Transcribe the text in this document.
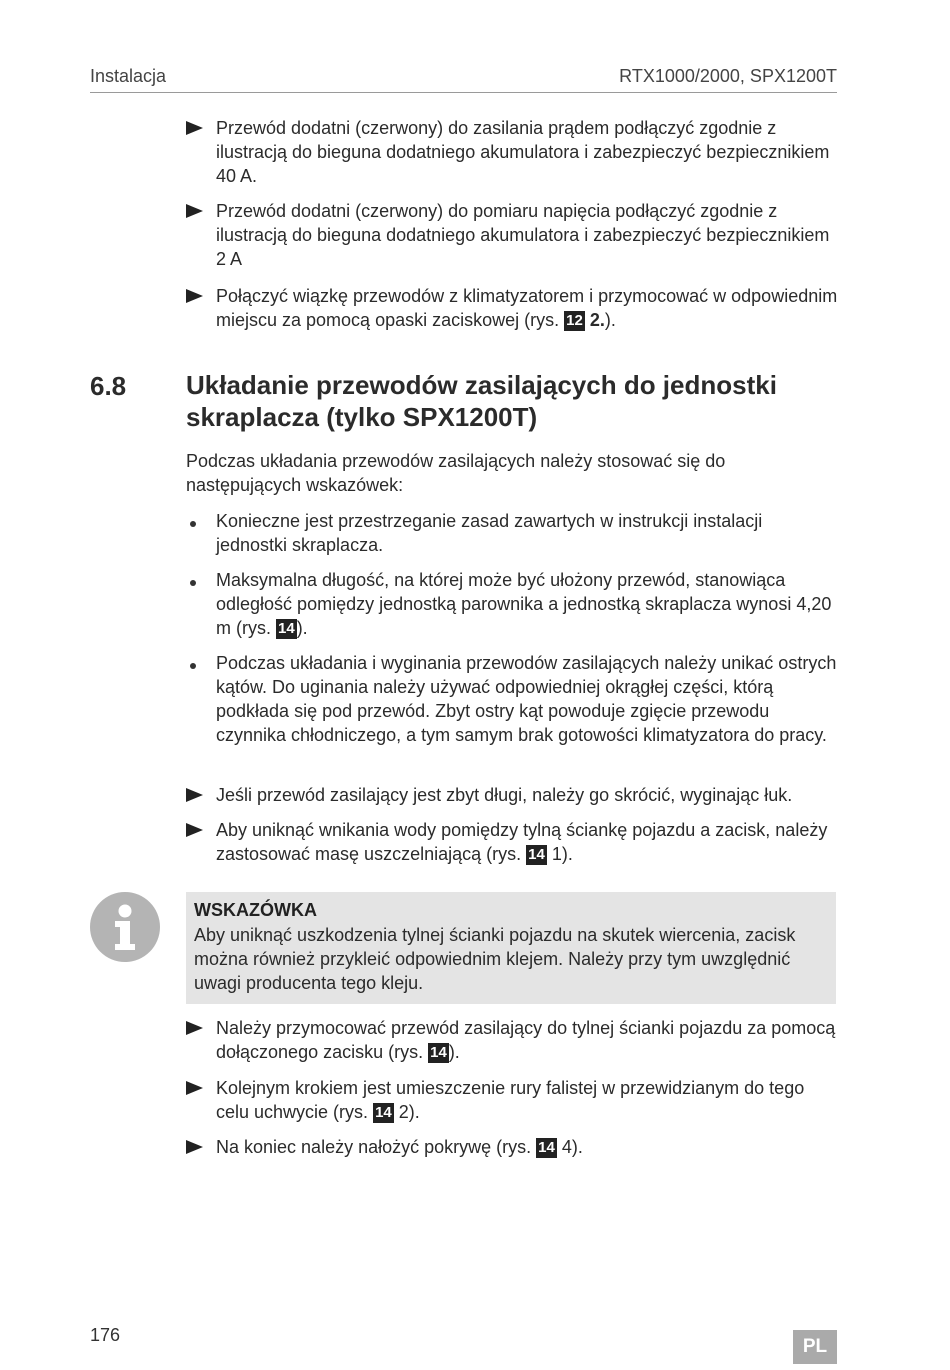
Instalacja	RTX1000/2000, SPX1200T
Przewód dodatni (czerwony) do zasilania prądem podłączyć zgodnie z ilustracją do bieguna dodatniego akumulatora i zabezpieczyć bezpiecznikiem 40 A.
Przewód dodatni (czerwony) do pomiaru napięcia podłączyć zgodnie z ilustracją do bieguna dodatniego akumulatora i zabezpieczyć bezpiecznikiem 2 A
Połączyć wiązkę przewodów z klimatyzatorem i przymocować w odpowiednim miejscu za pomocą opaski zaciskowej (rys. 12 2.).
6.8 Układanie przewodów zasilających do jednostki skraplacza (tylko SPX1200T)
Podczas układania przewodów zasilających należy stosować się do następujących wskazówek:
Konieczne jest przestrzeganie zasad zawartych w instrukcji instalacji jednostki skraplacza.
Maksymalna długość, na której może być ułożony przewód, stanowiąca odległość pomiędzy jednostką parownika a jednostką skraplacza wynosi 4,20 m (rys. 14 ).
Podczas układania i wyginania przewodów zasilających należy unikać ostrych kątów. Do uginania należy używać odpowiedniej okrągłej części, którą podkłada się pod przewód. Zbyt ostry kąt powoduje zgięcie przewodu czynnika chłodniczego, a tym samym brak gotowości klimatyzatora do pracy.
Jeśli przewód zasilający jest zbyt długi, należy go skrócić, wyginając łuk.
Aby uniknąć wnikania wody pomiędzy tylną ściankę pojazdu a zacisk, należy zastosować masę uszczelniającą (rys. 14 1).
WSKAZÓWKA
Aby uniknąć uszkodzenia tylnej ścianki pojazdu na skutek wiercenia, zacisk można również przykleić odpowiednim klejem. Należy przy tym uwzględnić uwagi producenta tego kleju.
Należy przymocować przewód zasilający do tylnej ścianki pojazdu za pomocą dołączonego zacisku (rys. 14 ).
Kolejnym krokiem jest umieszczenie rury falistej w przewidzianym do tego celu uchwycie (rys. 14 2).
Na koniec należy nałożyć pokrywę (rys. 14 4).
176
PL
